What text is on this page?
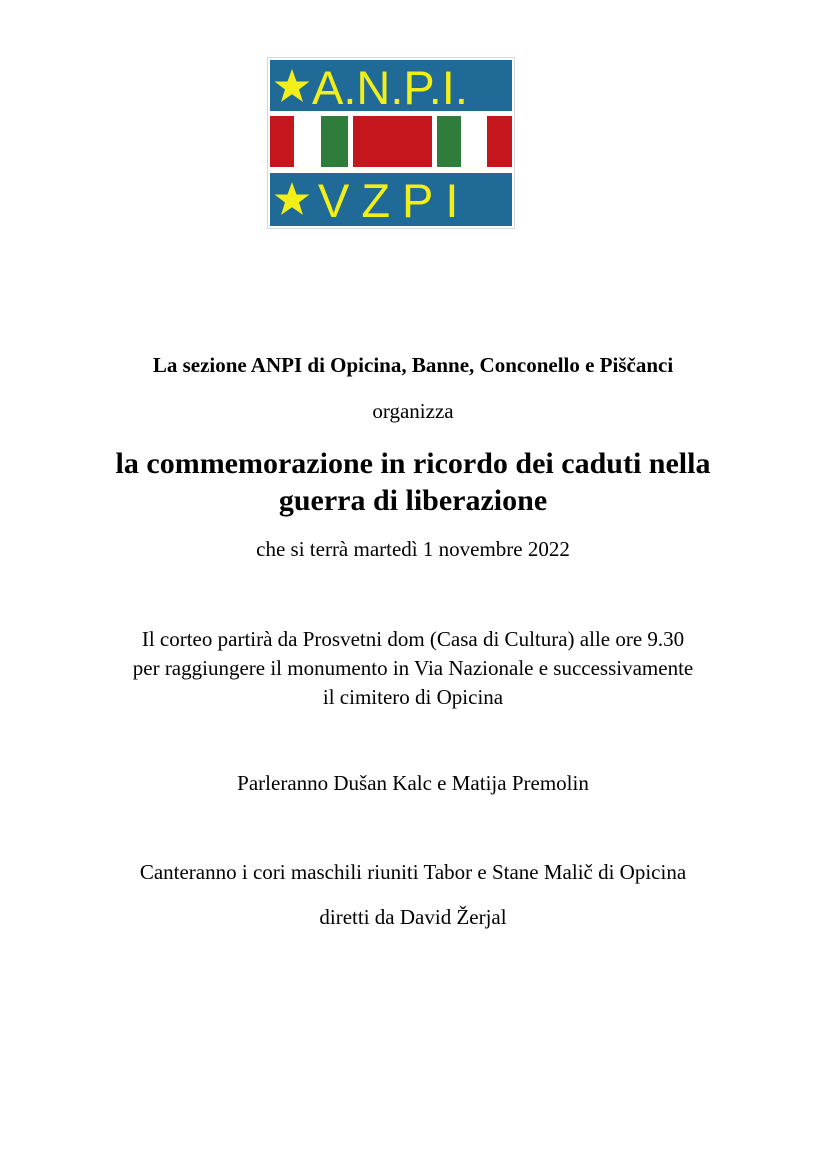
A.N.P.I.
VZPI
La sezione ANPI di Opicina, Banne, Conconello e Piščanci
organizza
la commemorazione in ricordo dei caduti nella
guerra di liberazione
che si terrà martedì 1 novembre 2022
Il corteo partirà da Prosvetni dom (Casa di Cultura) alle ore 9.30
per raggiungere il monumento in Via Nazionale e successivamente
il cimitero di Opicina
Parleranno Dušan Kalc e Matija Premolin
Canteranno i cori maschili riuniti Tabor e Stane Malič di Opicina
diretti da David Žerjal
